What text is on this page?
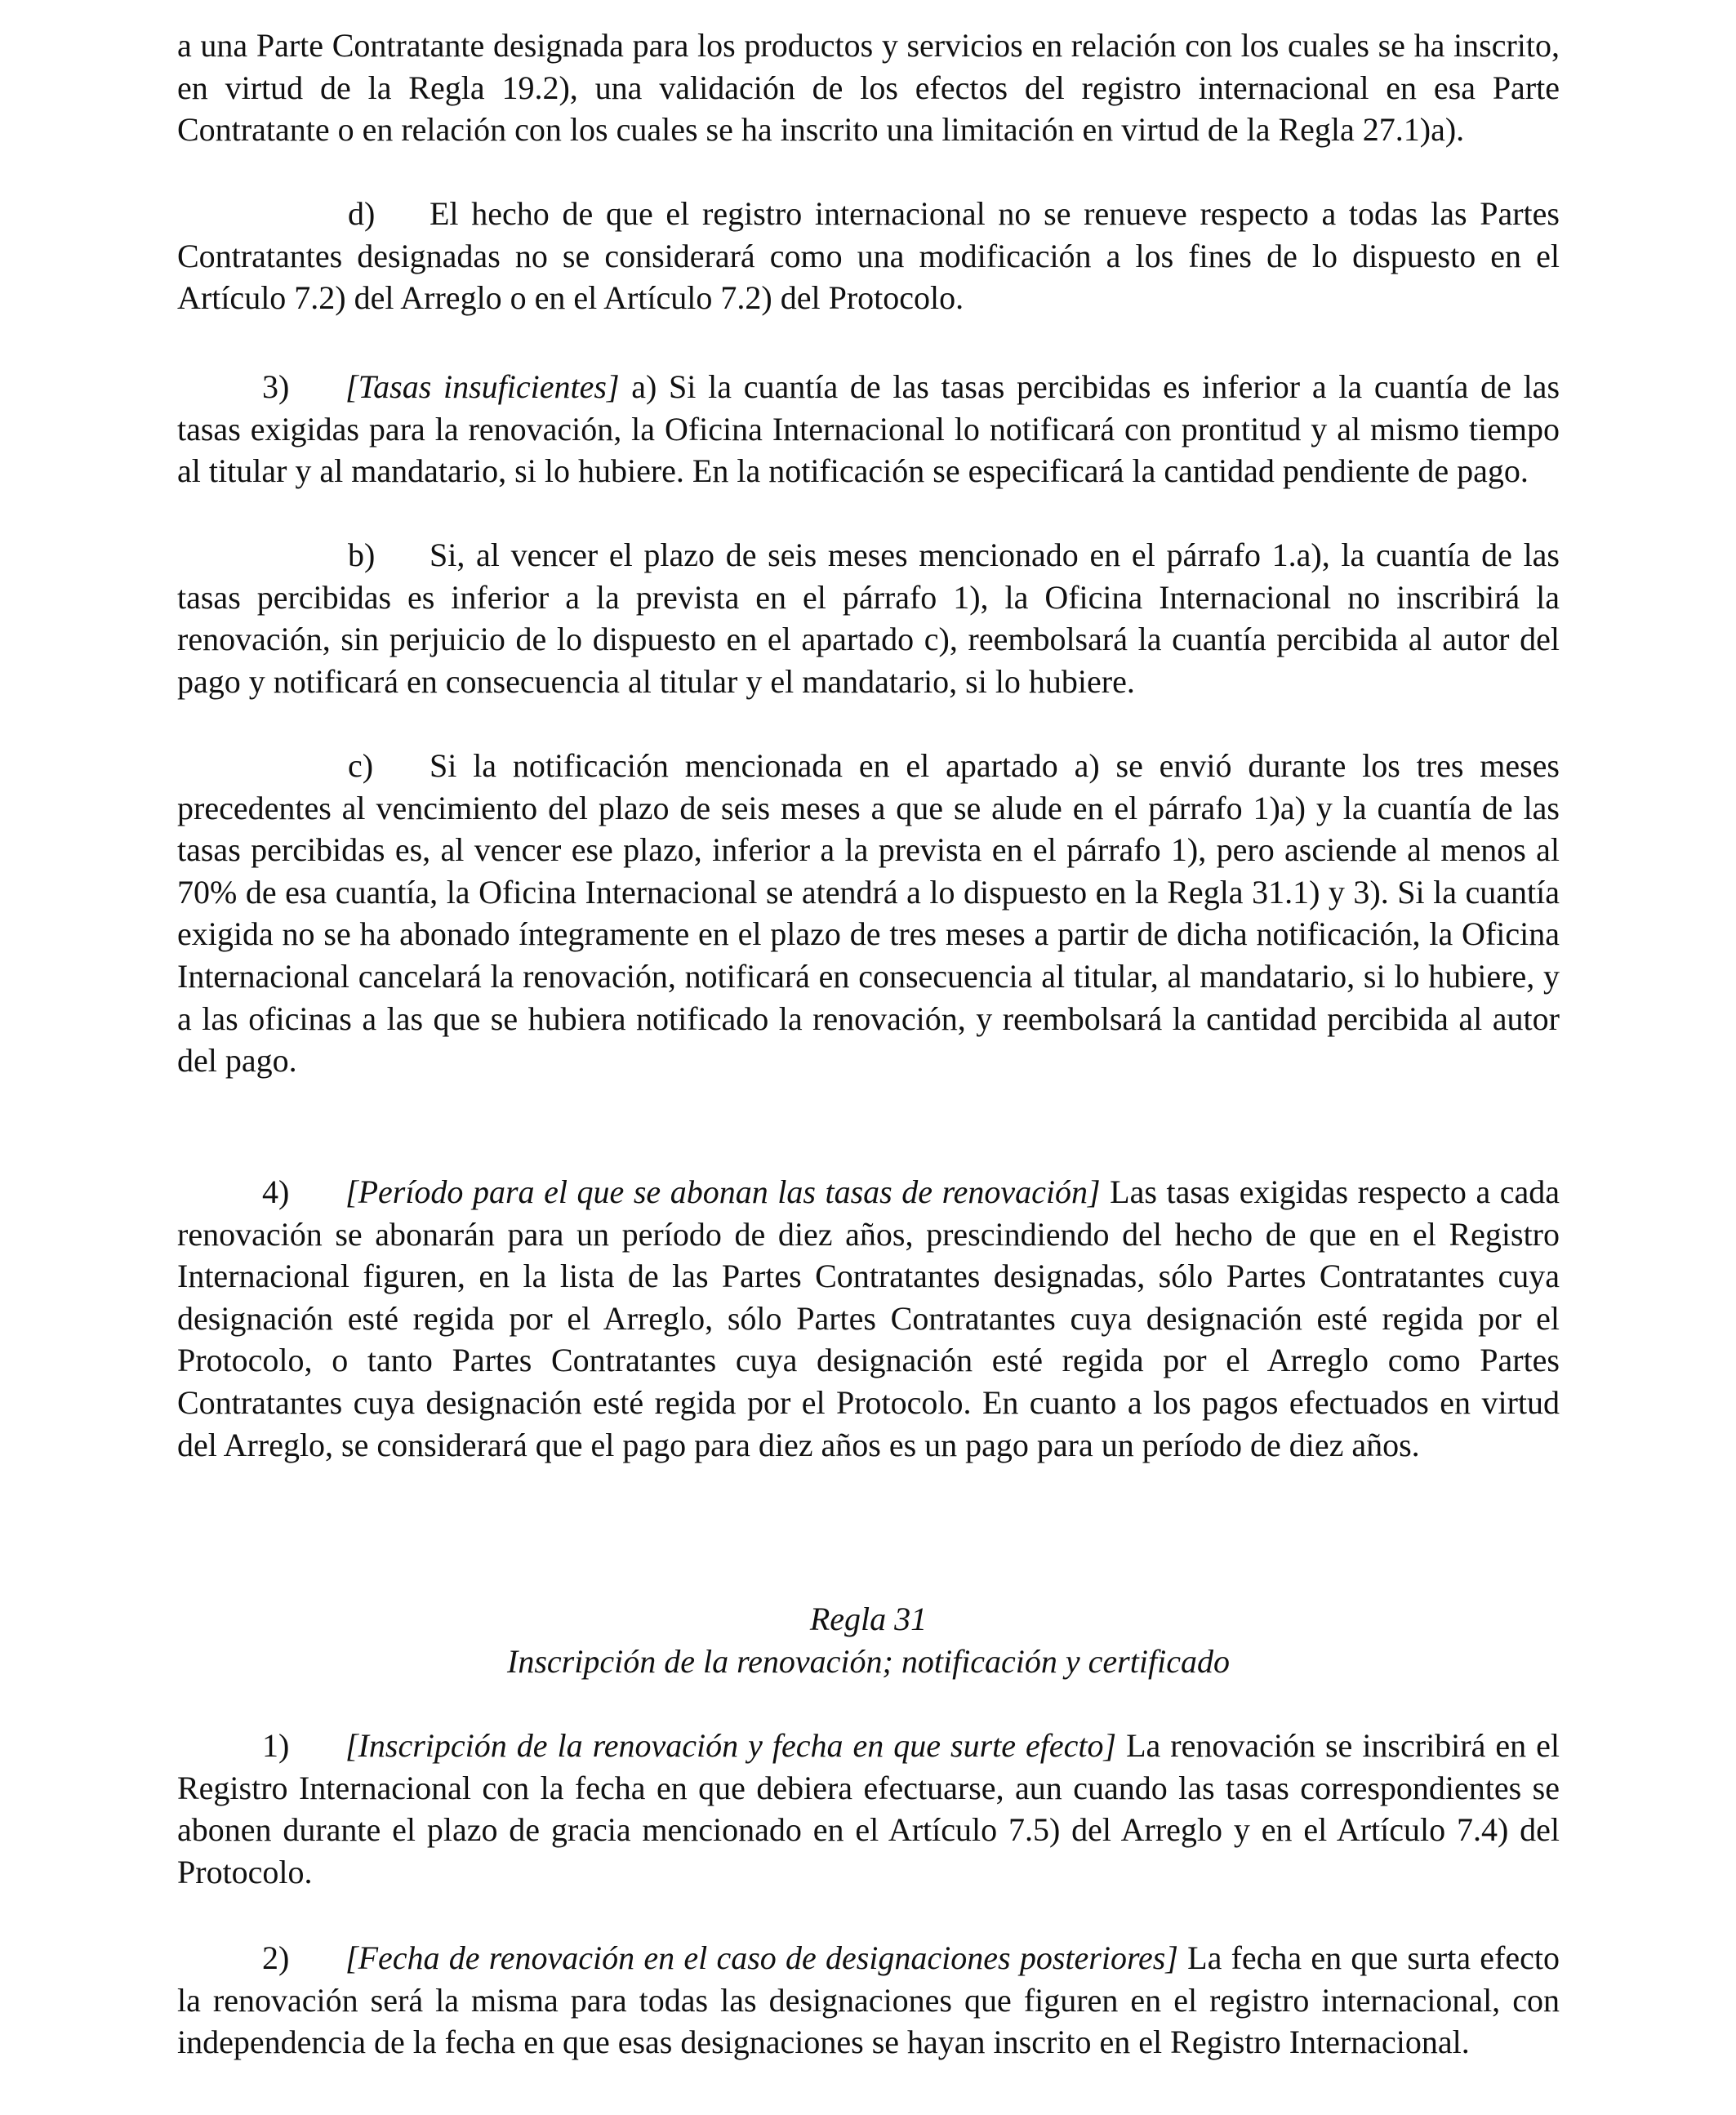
a una Parte Contratante designada para los productos y servicios en relación con los cuales se ha inscrito, en virtud de la Regla 19.2), una validación de los efectos del registro internacional en esa Parte Contratante o en relación con los cuales se ha inscrito una limitación en virtud de la Regla 27.1)a).

d) El hecho de que el registro internacional no se renueve respecto a todas las Partes Contratantes designadas no se considerará como una modificación a los fines de lo dispuesto en el Artículo 7.2) del Arreglo o en el Artículo 7.2) del Protocolo.

3) [Tasas insuficientes] a) Si la cuantía de las tasas percibidas es inferior a la cuantía de las tasas exigidas para la renovación, la Oficina Internacional lo notificará con prontitud y al mismo tiempo al titular y al mandatario, si lo hubiere. En la notificación se especificará la cantidad pendiente de pago.

b) Si, al vencer el plazo de seis meses mencionado en el párrafo 1.a), la cuantía de las tasas percibidas es inferior a la prevista en el párrafo 1), la Oficina Internacional no inscribirá la renovación, sin perjuicio de lo dispuesto en el apartado c), reembolsará la cuantía percibida al autor del pago y notificará en consecuencia al titular y el mandatario, si lo hubiere.

c) Si la notificación mencionada en el apartado a) se envió durante los tres meses precedentes al vencimiento del plazo de seis meses a que se alude en el párrafo 1)a) y la cuantía de las tasas percibidas es, al vencer ese plazo, inferior a la prevista en el párrafo 1), pero asciende al menos al 70% de esa cuantía, la Oficina Internacional se atendrá a lo dispuesto en la Regla 31.1) y 3). Si la cuantía exigida no se ha abonado íntegramente en el plazo de tres meses a partir de dicha notificación, la Oficina Internacional cancelará la renovación, notificará en consecuencia al titular, al mandatario, si lo hubiere, y a las oficinas a las que se hubiera notificado la renovación, y reembolsará la cantidad percibida al autor del pago.

4) [Período para el que se abonan las tasas de renovación] Las tasas exigidas respecto a cada renovación se abonarán para un período de diez años, prescindiendo del hecho de que en el Registro Internacional figuren, en la lista de las Partes Contratantes designadas, sólo Partes Contratantes cuya designación esté regida por el Arreglo, sólo Partes Contratantes cuya designación esté regida por el Protocolo, o tanto Partes Contratantes cuya designación esté regida por el Arreglo como Partes Contratantes cuya designación esté regida por el Protocolo. En cuanto a los pagos efectuados en virtud del Arreglo, se considerará que el pago para diez años es un pago para un período de diez años.

Regla 31

Inscripción de la renovación; notificación y certificado

1) [Inscripción de la renovación y fecha en que surte efecto] La renovación se inscribirá en el Registro Internacional con la fecha en que debiera efectuarse, aun cuando las tasas correspondientes se abonen durante el plazo de gracia mencionado en el Artículo 7.5) del Arreglo y en el Artículo 7.4) del Protocolo.

2) [Fecha de renovación en el caso de designaciones posteriores] La fecha en que surta efecto la renovación será la misma para todas las designaciones que figuren en el registro internacional, con independencia de la fecha en que esas designaciones se hayan inscrito en el Registro Internacional.
